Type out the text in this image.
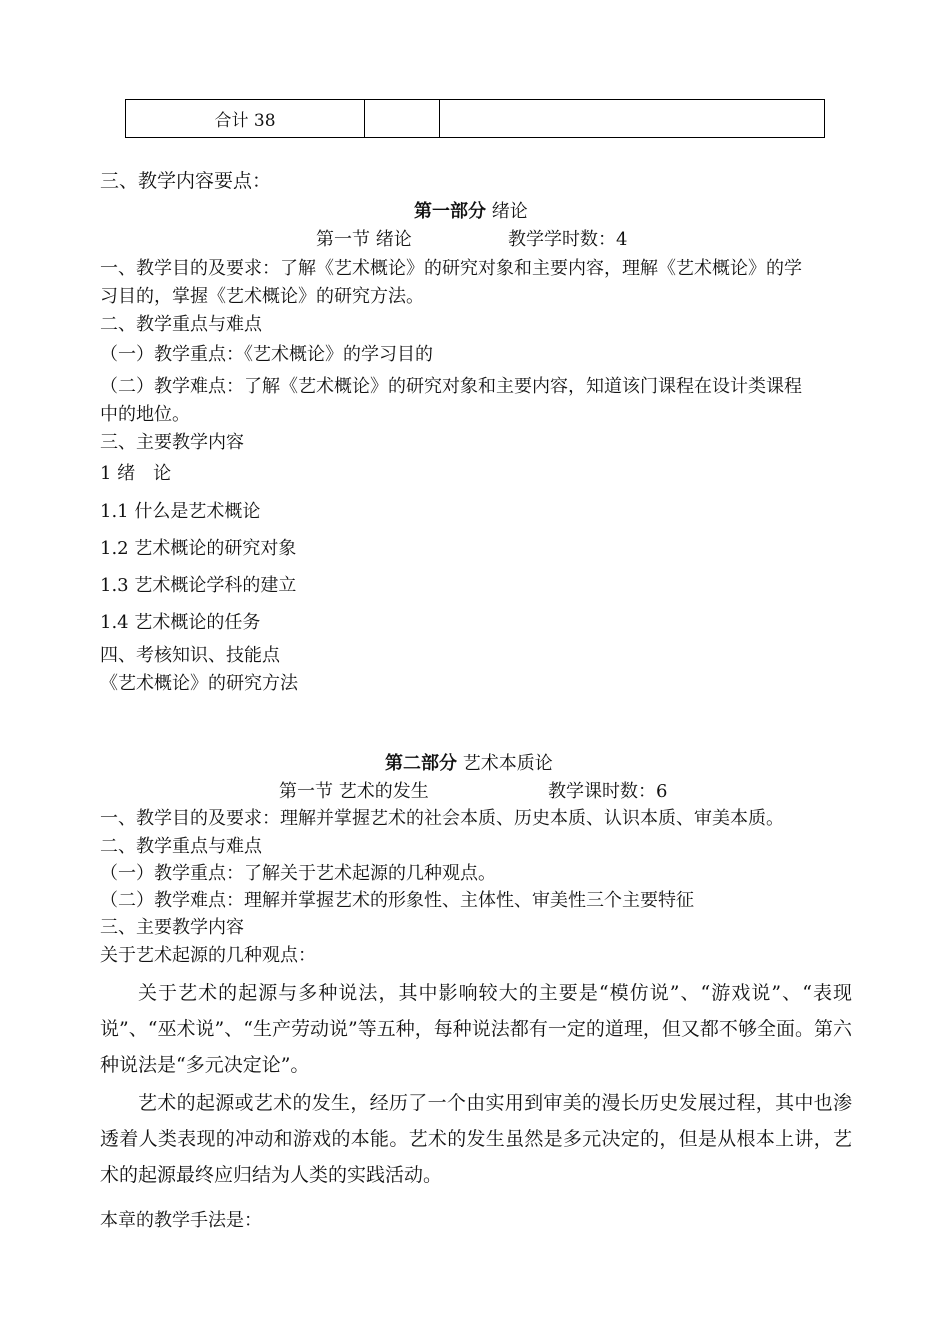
合计 38		
三、教学内容要点：
第一部分 绪论
第一节 绪论	教学学时数：4
一、教学目的及要求：了解《艺术概论》的研究对象和主要内容，理解《艺术概论》的学
习目的，掌握《艺术概论》的研究方法。
二、教学重点与难点
（一）教学重点：《艺术概论》的学习目的
（二）教学难点：了解《艺术概论》的研究对象和主要内容，知道该门课程在设计类课程
中的地位。
三、主要教学内容
1 绪　论
1.1 什么是艺术概论
1.2 艺术概论的研究对象
1.3 艺术概论学科的建立
1.4 艺术概论的任务
四、考核知识、技能点
《艺术概论》的研究方法
第二部分 艺术本质论
第一节 艺术的发生	教学课时数：6
一、教学目的及要求：理解并掌握艺术的社会本质、历史本质、认识本质、审美本质。
二、教学重点与难点
（一）教学重点：了解关于艺术起源的几种观点。
（二）教学难点：理解并掌握艺术的形象性、主体性、审美性三个主要特征
三、主要教学内容
关于艺术起源的几种观点：

关于艺术的起源与多种说法，其中影响较大的主要是“模仿说”、“游戏说”、“表现说”、“巫术说”、“生产劳动说”等五种，每种说法都有一定的道理，但又都不够全面。第六种说法是“多元决定论”。

艺术的起源或艺术的发生，经历了一个由实用到审美的漫长历史发展过程，其中也渗透着人类表现的冲动和游戏的本能。艺术的发生虽然是多元决定的，但是从根本上讲，艺术的起源最终应归结为人类的实践活动。

本章的教学手法是：
